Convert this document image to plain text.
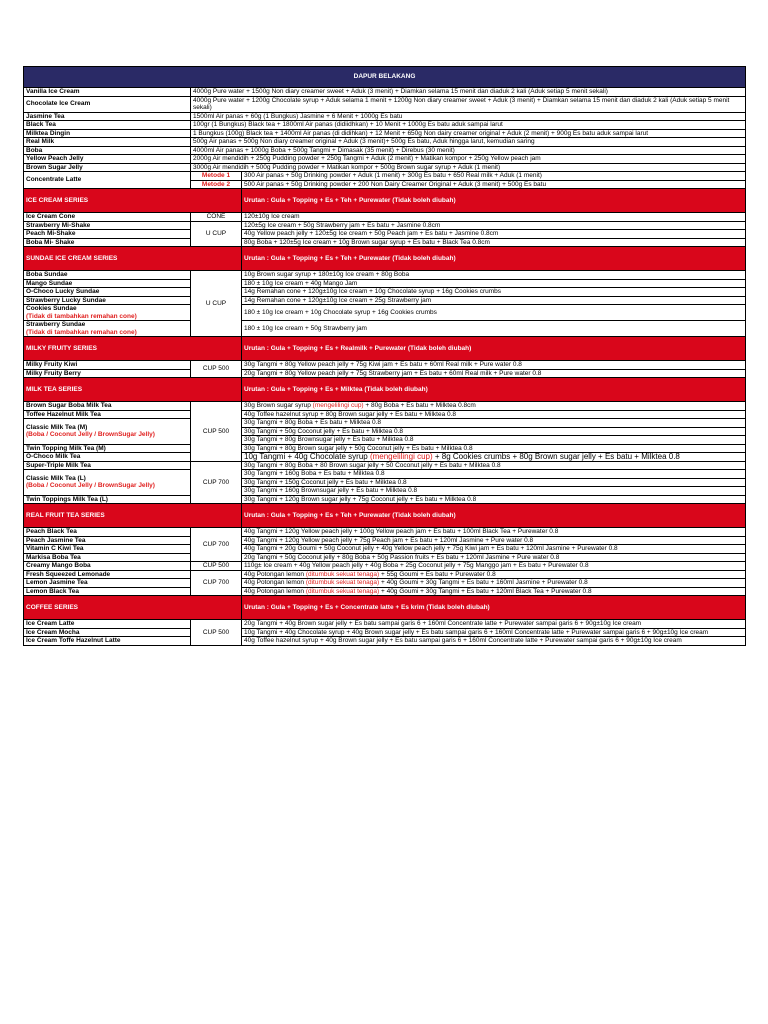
DAPUR BELAKANG		
Vanilla Ice Cream	4000g Pure water + 1500g Non diary creamer sweet + Aduk (3 menit) + Diamkan selama 15 menit dan diaduk 2 kali (Aduk setiap 5 menit sekali)	
Chocolate Ice Cream	4000g Pure water + 1200g Chocolate syrup + Aduk selama 1 menit + 1200g Non diary creamer sweet + Aduk (3 menit) + Diamkan selama 15 menit dan diaduk 2 kali (Aduk setiap 5 menit sekali)	
Jasmine Tea	1500ml Air panas + 60g (1 Bungkus) Jasmine + 6 Menit + 1000g Es batu	
Black Tea	100gr (1 Bungkus) Black tea + 1800ml Air panas (didiidhkan) + 10 Menit + 1000g Es batu aduk sampai larut	
Milktea Dingin	1 Bungkus (100g) Black tea + 1400ml Air panas (di didihkan) + 12 Menit + 650g Non dairy creamer original + Aduk (2 menit) + 900g Es batu aduk sampai larut	
Real Milk	500g Air panas + 500g Non diary creamer original + Aduk (3 menit)+ 500g Es batu, Aduk hingga larut, kemudian saring	
Boba	4000ml Air panas + 1000g Boba + 500g Tangmi + Dimasak (35 menit) + Direbus (30 menit)	
Yellow Peach Jelly	2000g Air mendidih + 250g Pudding powder + 250g Tangmi + Aduk (2 menit) + Matikan kompor + 250g Yellow peach jam	
Brown Sugar Jelly	3000g Air mendidih + 500g Pudding powder + Matikan kompor + 500g Brown sugar syrup + Aduk (1 menit)	
Concentrate Latte	Metode 1	300 Air panas + 50g Drinking powder + Aduk (1 menit) + 300g Es batu + 650 Real milk + Aduk (1 menit)
	Metode 2	500 Air panas + 50g Drinking powder + 200 Non Dairy Creamer Original + Aduk (3 menit) + 500g Es batu
ICE CREAM SERIES		Urutan : Gula + Topping + Es + Teh + Purewater (Tidak boleh diubah)
Ice Cream Cone	CONE	120±10g Ice cream
Strawberry Mi-Shake	U CUP	120±5g Ice cream + 50g Strawberry jam + Es batu + Jasmine 0.8cm
Peach Mi-Shake		40g Yellow peach jelly + 120±5g Ice cream + 50g Peach jam + Es batu + Jasmine 0.8cm
Boba Mi- Shake		80g Boba + 120±5g Ice cream + 10g Brown sugar syrup + Es batu + Black Tea 0.8cm
SUNDAE ICE CREAM SERIES		Urutan : Gula + Topping + Es + Teh + Purewater (Tidak boleh diubah)
Boba Sundae	U CUP	10g Brown sugar syrup + 180±10g Ice cream + 80g Boba
Mango Sundae		180 ± 10g Ice cream + 40g Mango Jam
O-Choco Lucky Sundae		14g Remahan cone + 120g±10g Ice cream + 10g Chocolate syrup + 16g Cookies crumbs
Strawberry Lucky Sundae		14g Remahan cone + 120g±10g Ice cream + 25g Strawberry jam
Cookies Sundae
(Tidak di tambahkan remahan cone)		180 ± 10g Ice cream + 10g Chocolate syrup + 16g Cookies crumbs
Strawberry Sundae
(Tidak di tambahkan remahan cone)		180 ± 10g Ice cream + 50g Strawberry jam
MILKY FRUITY SERIES		Urutan : Gula + Topping + Es + Realmilk + Purewater (Tidak boleh diubah)
Milky Fruity Kiwi	CUP 500	30g Tangmi + 80g Yellow peach jelly + 75g Kiwi jam + Es batu + 60ml Real milk + Pure water 0.8
Milky Fruity Berry		20g Tangmi + 80g Yellow peach jelly + 75g Strawberry jam + Es batu + 60ml Real milk + Pure water 0.8
MILK TEA SERIES		Urutan : Gula + Topping + Es + Milktea (Tidak boleh diubah)
Brown Sugar Boba Milk Tea	CUP 500	30g Brown sugar syrup (mengelilingi cup) + 80g Boba + Es batu + Milktea 0.8cm
Toffee Hazelnut Milk Tea		40g Toffee hazelnut syrup + 80g Brown sugar jelly + Es batu + Milktea 0.8
Classic Milk Tea (M)
(Boba / Coconut Jelly / BrownSugar Jelly)		30g Tangmi + 80g Boba + Es batu + Milktea 0.8
		30g Tangmi + 50g Coconut jelly + Es batu + Milktea 0.8
		30g Tangmi + 80g Brownsugar jelly + Es batu + Milktea 0.8
Twin Topping Milk Tea (M)		30g Tangmi + 80g Brown sugar jelly + 50g Coconut jelly + Es batu + Milktea 0.8
O-Choco Milk Tea		10g Tangmi + 40g Chocolate syrup (mengelilingi cup) + 8g Cookies crumbs + 80g Brown sugar jelly + Es batu + Milktea 0.8
Super-Triple Milk Tea	CUP 700	30g Tangmi + 80g Boba + 80 Brown sugar jelly + 50 Coconut jelly + Es batu + Milktea 0.8
Classic Milk Tea (L)
(Boba / Coconut Jelly / BrownSugar Jelly)		30g Tangmi + 160g Boba + Es batu + Milktea 0.8
		30g Tangmi + 150g Coconut jelly + Es batu + Milktea 0.8
		30g Tangmi + 160g Brownsugar jelly + Es batu + Milktea 0.8
Twin Toppings Milk Tea (L)		30g Tangmi + 120g Brown sugar jelly + 75g Coconut jelly + Es batu + Milktea 0.8
REAL FRUIT TEA SERIES		Urutan : Gula + Topping + Es + Teh + Purewater (Tidak boleh diubah)
Peach Black Tea	CUP 700	40g Tangmi + 120g Yellow peach jelly + 100g Yellow peach jam + Es batu + 100ml Black Tea + Purewater 0.8
Peach Jasmine Tea		40g Tangmi + 120g Yellow peach jelly + 75g Peach jam + Es batu + 120ml Jasmine + Pure water 0.8
Vitamin C Kiwi Tea		40g Tangmi + 20g Goumi + 50g Coconut jelly + 40g Yellow peach jelly + 75g Kiwi jam + Es batu + 120ml Jasmine + Purewater 0.8
Markisa Boba Tea		20g Tangmi + 50g Coconut jelly + 80g Boba + 50g Passion fruits + Es batu + 120ml Jasmine + Pure water 0.8
Creamy Mango Boba	CUP 500	110g± Ice cream + 40g Yellow peach jelly + 40g Boba + 25g Coconut jelly + 75g Manggo jam + Es batu + Purewater 0.8
Fresh Squeezed Lemonade	CUP 700	40g Potongan lemon (ditumbuk sekuat tenaga) + 55g Goumi + Es batu + Purewater 0.8
Lemon Jasmine Tea		40g Potongan lemon (ditumbuk sekuat tenaga) + 40g Goumi + 30g Tangmi + Es batu + 160ml Jasmine + Purewater 0.8
Lemon Black Tea		40g Potongan lemon (ditumbuk sekuat tenaga) + 40g Goumi + 30g Tangmi + Es batu + 120ml Black Tea + Purewater 0.8
COFFEE SERIES		Urutan : Gula + Topping + Es + Concentrate latte + Es krim (Tidak boleh diubah)
Ice Cream Latte	CUP 500	20g Tangmi + 40g Brown sugar jelly + Es batu sampai garis 6 + 160ml Concentrate latte + Purewater sampai garis 6 + 90g±10g Ice cream
Ice Cream Mocha		10g Tangmi + 40g Chocolate syrup + 40g Brown sugar jelly + Es batu sampai garis 6 + 160ml Concentrate latte + Purewater sampai garis 6 + 90g±10g Ice cream
Ice Cream Toffe Hazelnut Latte		40g Toffee hazelnut syrup + 40g Brown sugar jelly + Es batu sampai garis 6 + 160ml Concentrate latte + Purewater sampai garis 6 + 90g±10g Ice cream
